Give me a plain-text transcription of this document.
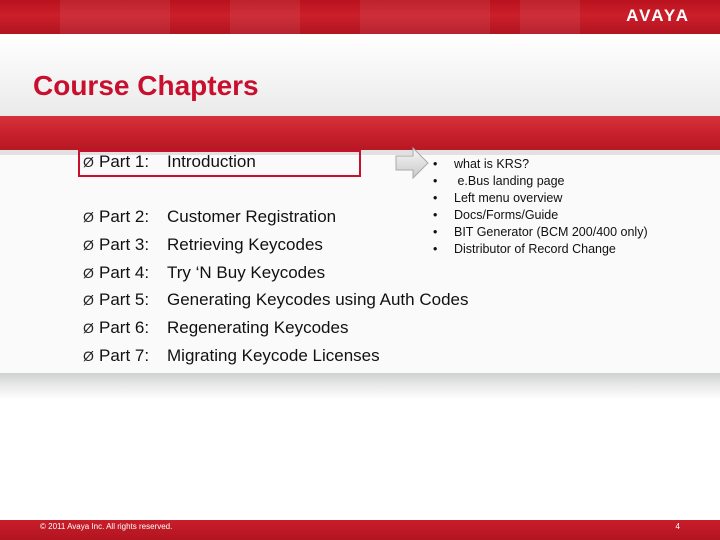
AVAYA
Course Chapters
Ø Part 1: Introduction
Ø Part 2: Customer Registration
Ø Part 3: Retrieving Keycodes
Ø Part 4: Try ‘N Buy Keycodes
Ø Part 5: Generating Keycodes using Auth Codes
Ø Part 6: Regenerating Keycodes
Ø Part 7: Migrating Keycode Licenses
• what is KRS?
• e.Bus landing page
• Left menu overview
• Docs/Forms/Guide
• BIT Generator (BCM 200/400 only)
• Distributor of Record Change
© 2011 Avaya Inc. All rights reserved.	4
